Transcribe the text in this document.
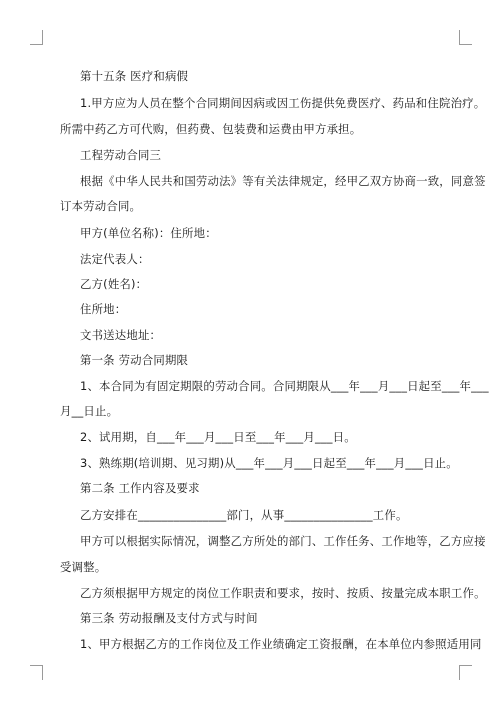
第十五条 医疗和病假
1.甲方应为人员在整个合同期间因病或因工伤提供免费医疗、药品和住院治疗。
所需中药乙方可代购，但药费、包装费和运费由甲方承担。
工程劳动合同三
根据《中华人民共和国劳动法》等有关法律规定，经甲乙双方协商一致，同意签
订本劳动合同。
甲方(单位名称)：住所地：
法定代表人：
乙方(姓名)：
住所地：
文书送达地址：
第一条 劳动合同期限
1、本合同为有固定期限的劳动合同。合同期限从___年___月___日起至___年___
月__日止。
2、试用期，自___年___月___日至___年___月___日。
3、熟练期(培训期、见习期)从___年___月___日起至___年___月___日止。
第二条 工作内容及要求
乙方安排在_______________部门，从事_______________工作。
甲方可以根据实际情况，调整乙方所处的部门、工作任务、工作地等，乙方应接
受调整。
乙方须根据甲方规定的岗位工作职责和要求，按时、按质、按量完成本职工作。
第三条 劳动报酬及支付方式与时间
1、甲方根据乙方的工作岗位及工作业绩确定工资报酬，在本单位内参照适用同
